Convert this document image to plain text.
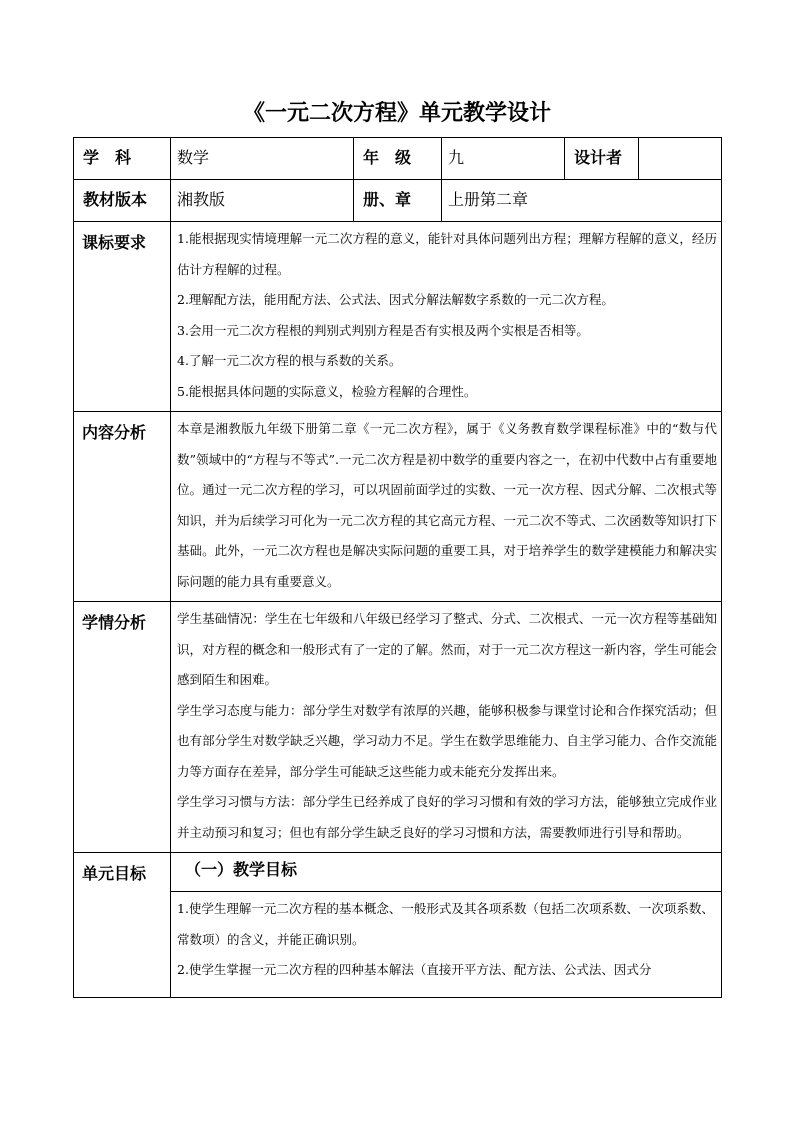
《一元二次方程》单元教学设计
学　科	数学	年　级	九	设计者	
教材版本	湘教版	册、章	上册第二章		
课标要求	1.能根据现实情境理解一元二次方程的意义，能针对具体问题列出方程；理解方程解的意义，经历估计方程解的过程。

2.理解配方法，能用配方法、公式法、因式分解法解数字系数的一元二次方程。

3.会用一元二次方程根的判别式判别方程是否有实根及两个实根是否相等。

4.了解一元二次方程的根与系数的关系。

5.能根据具体问题的实际意义，检验方程解的合理性。				

内容分析	本章是湘教版九年级下册第二章《一元二次方程》，属于《义务教育数学课程标准》中的“数与代数”领域中的“方程与不等式”.一元二次方程是初中数学的重要内容之一，在初中代数中占有重要地位。通过一元二次方程的学习，可以巩固前面学过的实数、一元一次方程、因式分解、二次根式等知识，并为后续学习可化为一元二次方程的其它高元方程、一元二次不等式、二次函数等知识打下基础。此外，一元二次方程也是解决实际问题的重要工具，对于培养学生的数学建模能力和解决实际问题的能力具有重要意义。				

学情分析	学生基础情况：学生在七年级和八年级已经学习了整式、分式、二次根式、一元一次方程等基础知识，对方程的概念和一般形式有了一定的了解。然而，对于一元二次方程这一新内容，学生可能会感到陌生和困难。

学生学习态度与能力：部分学生对数学有浓厚的兴趣，能够积极参与课堂讨论和合作探究活动；但也有部分学生对数学缺乏兴趣，学习动力不足。学生在数学思维能力、自主学习能力、合作交流能力等方面存在差异，部分学生可能缺乏这些能力或未能充分发挥出来。

学生学习习惯与方法：部分学生已经养成了良好的学习习惯和有效的学习方法，能够独立完成作业并主动预习和复习；但也有部分学生缺乏良好的学习习惯和方法，需要教师进行引导和帮助。				

单元目标	（一）教学目标				

	1.使学生理解一元二次方程的基本概念、一般形式及其各项系数（包括二次项系数、一次项系数、常数项）的含义，并能正确识别。

2.使学生掌握一元二次方程的四种基本解法（直接开平方法、配方法、公式法、因式分				
